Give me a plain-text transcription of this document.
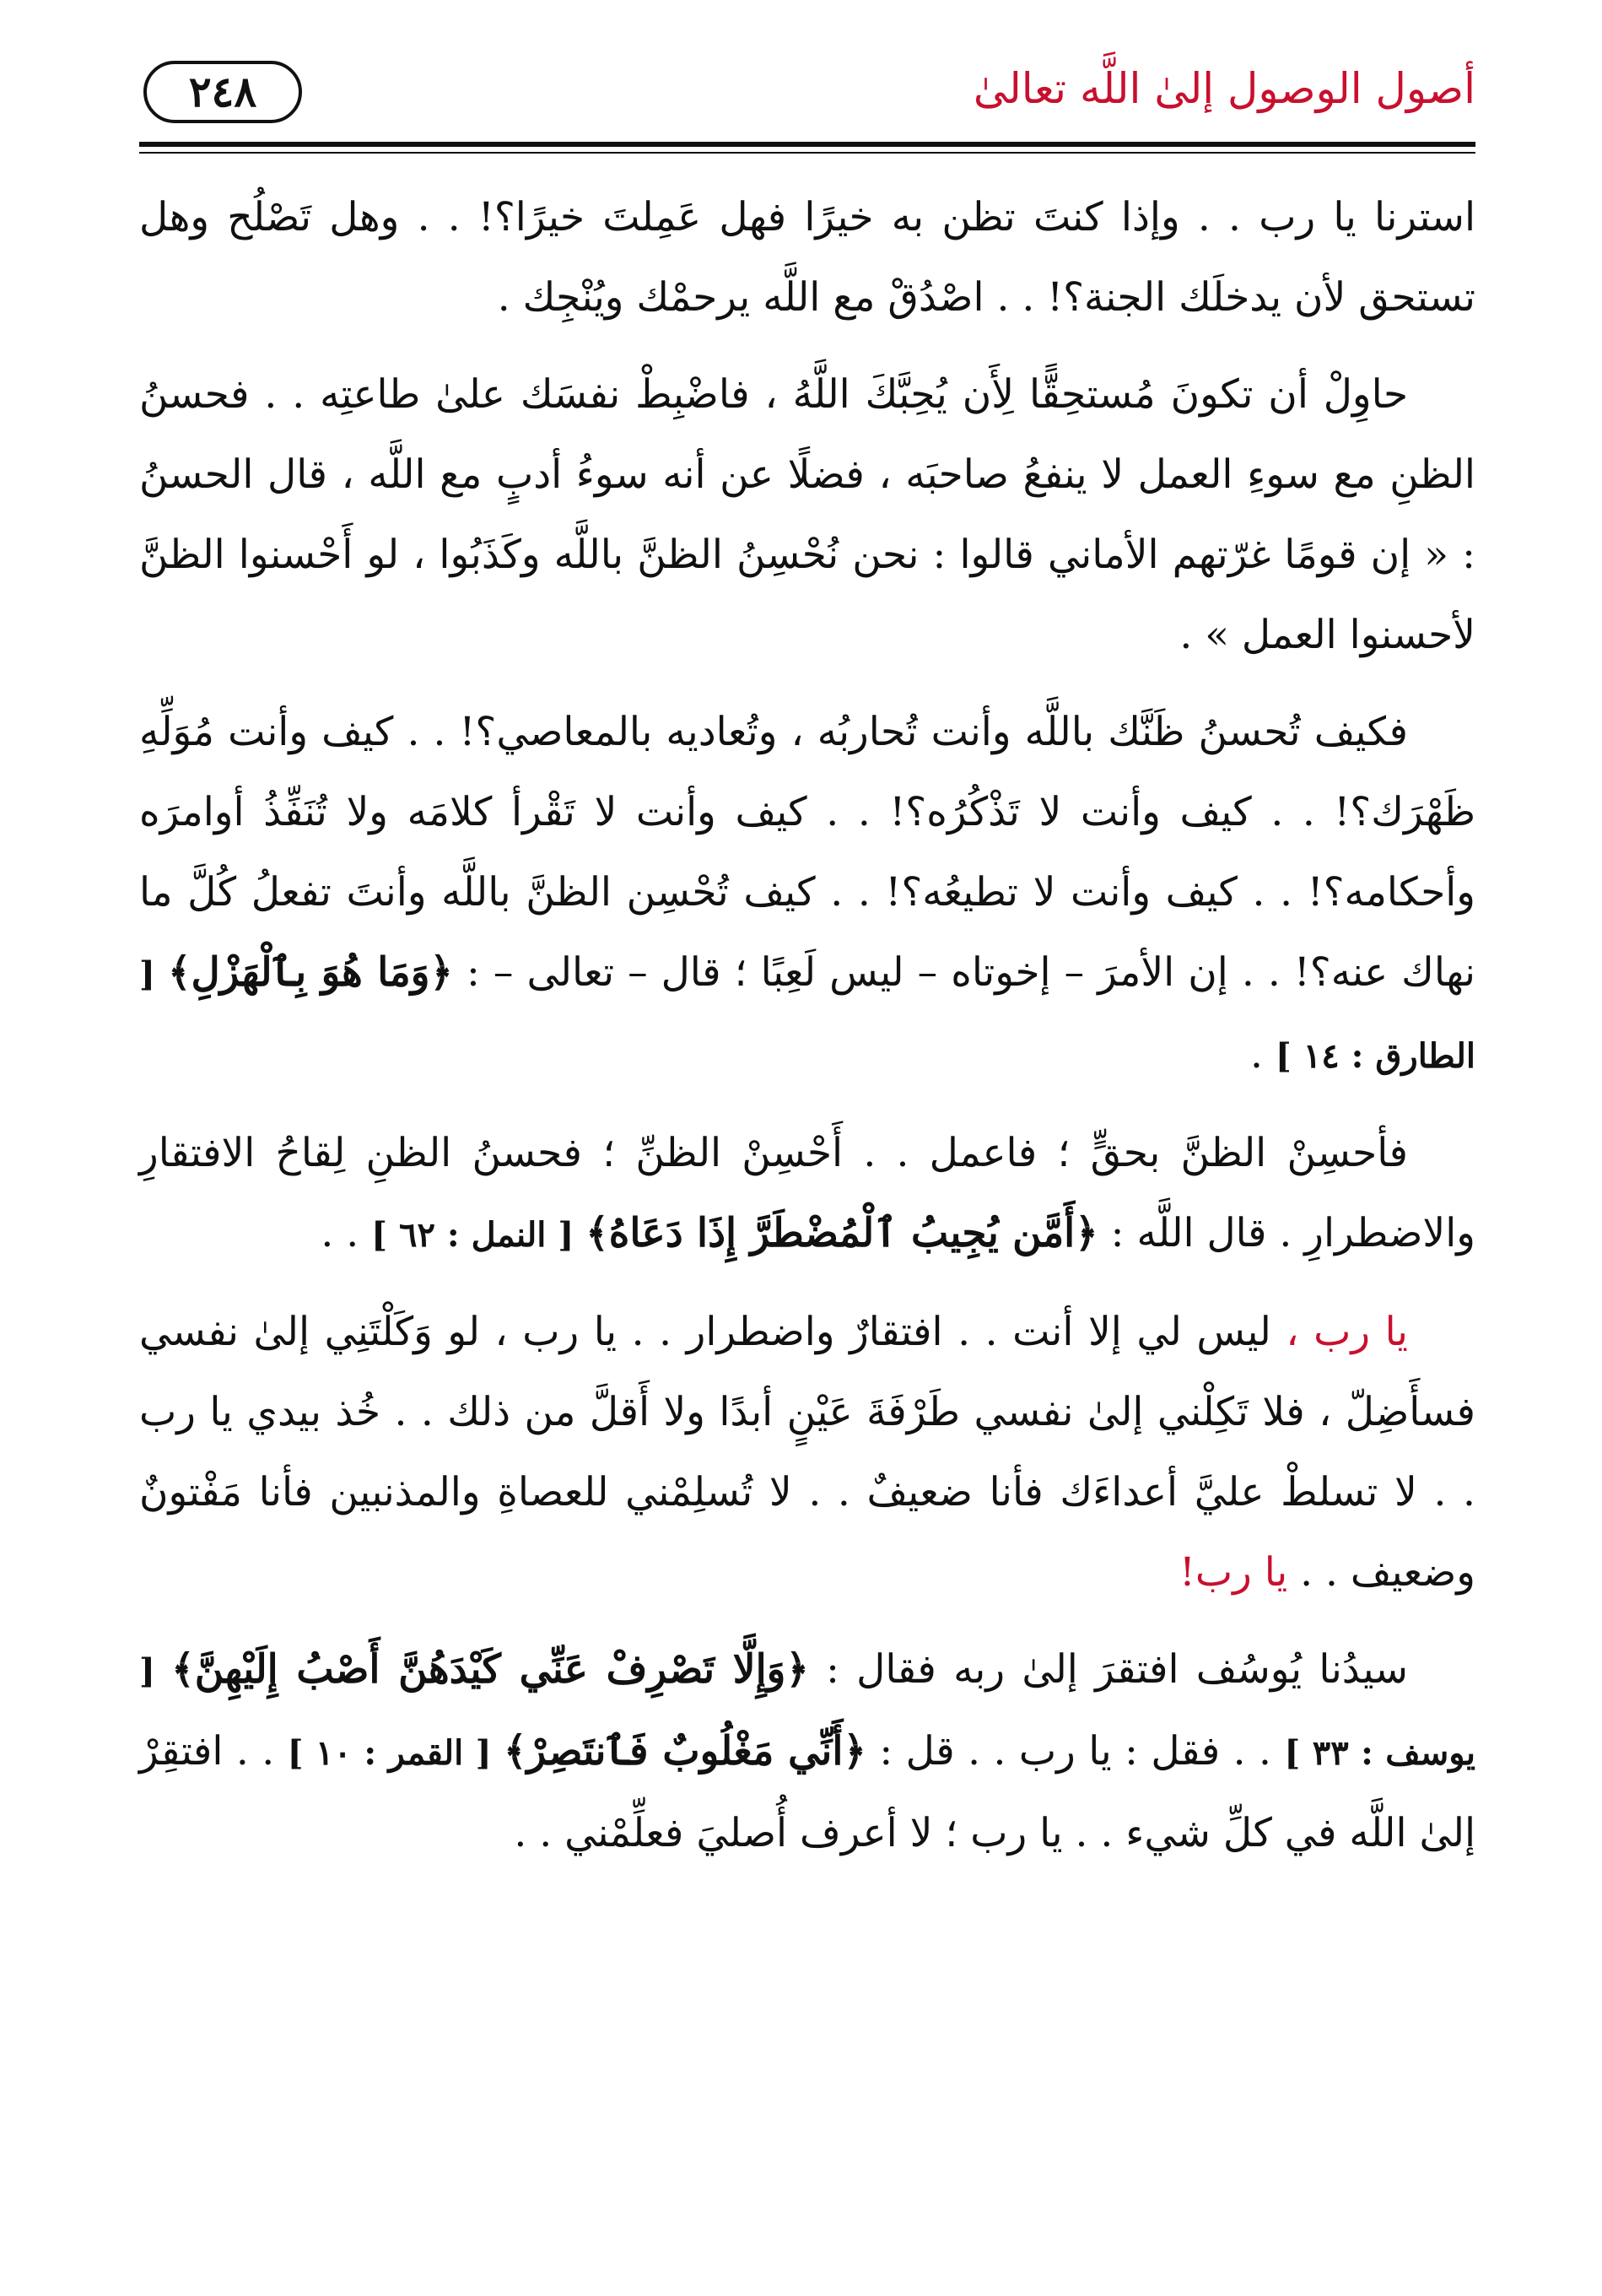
أصول الوصول إلىٰ اللَّه تعالىٰ
٢٤٨

استرنا يا رب . . وإذا كنتَ تظن به خيرًا فهل عَمِلتَ خيرًا؟! . . وهل تَصْلُح وهل تستحق لأن يدخلَك الجنة؟! . . اصْدُقْ مع اللَّه يرحمْك ويُنْجِك .

حاوِلْ أن تكونَ مُستحِقًّا لِأَن يُحِبَّكَ اللَّهُ ، فاضْبِطْ نفسَك علىٰ طاعتِه . . فحسنُ الظنِ مع سوءِ العمل لا ينفعُ صاحبَه ، فضلًا عن أنه سوءُ أدبٍ مع اللَّه ، قال الحسنُ : « إن قومًا غرّتهم الأماني قالوا : نحن نُحْسِنُ الظنَّ باللَّه وكَذَبُوا ، لو أَحْسنوا الظنَّ لأحسنوا العمل » .

فكيف تُحسنُ ظَنَّك باللَّه وأنت تُحاربُه ، وتُعاديه بالمعاصي؟! . . كيف وأنت مُوَلِّهِ ظَهْرَك؟! . . كيف وأنت لا تَذْكُرُه؟! . . كيف وأنت لا تَقْرأ كلامَه ولا تُنَفِّذُ أوامرَه وأحكامه؟! . . كيف وأنت لا تطيعُه؟! . . كيف تُحْسِن الظنَّ باللَّه وأنتَ تفعلُ كُلَّ ما نهاك عنه؟! . . إن الأمرَ – إخوتاه – ليس لَعِبًا ؛ قال – تعالى – : ﴿وَمَا هُوَ بِٱلْهَزْلِ﴾ [ الطارق : ١٤ ] .

فأحسِنْ الظنَّ بحقٍّ ؛ فاعمل . . أَحْسِنْ الظنِّ ؛ فحسنُ الظنِ لِقاحُ الافتقارِ والاضطرارِ . قال اللَّه : ﴿أَمَّن يُجِيبُ ٱلْمُضْطَرَّ إِذَا دَعَاهُ﴾ [ النمل : ٦٢ ] . .

يا رب ، ليس لي إلا أنت . . افتقارٌ واضطرار . . يا رب ، لو وَكَلْتَنِي إلىٰ نفسي فسأَضِلّ ، فلا تَكِلْني إلىٰ نفسي طَرْفَةَ عَيْنٍ أبدًا ولا أَقلَّ من ذلك . . خُذ بيدي يا رب . . لا تسلطْ عليَّ أعداءَك فأنا ضعيفٌ . . لا تُسلِمْني للعصاةِ والمذنبين فأنا مَفْتونٌ وضعيف . . يا رب!

سيدُنا يُوسُف افتقرَ إلىٰ ربه فقال : ﴿وَإِلَّا تَصْرِفْ عَنِّي كَيْدَهُنَّ أَصْبُ إِلَيْهِنَّ﴾ [ يوسف : ٣٣ ] . . فقل : يا رب . . قل : ﴿أَنِّي مَغْلُوبٌ فَٱنتَصِرْ﴾ [ القمر : ١٠ ] . . افتقِرْ إلىٰ اللَّه في كلِّ شيء . . يا رب ؛ لا أعرف أُصليَ فعلِّمْني . .
